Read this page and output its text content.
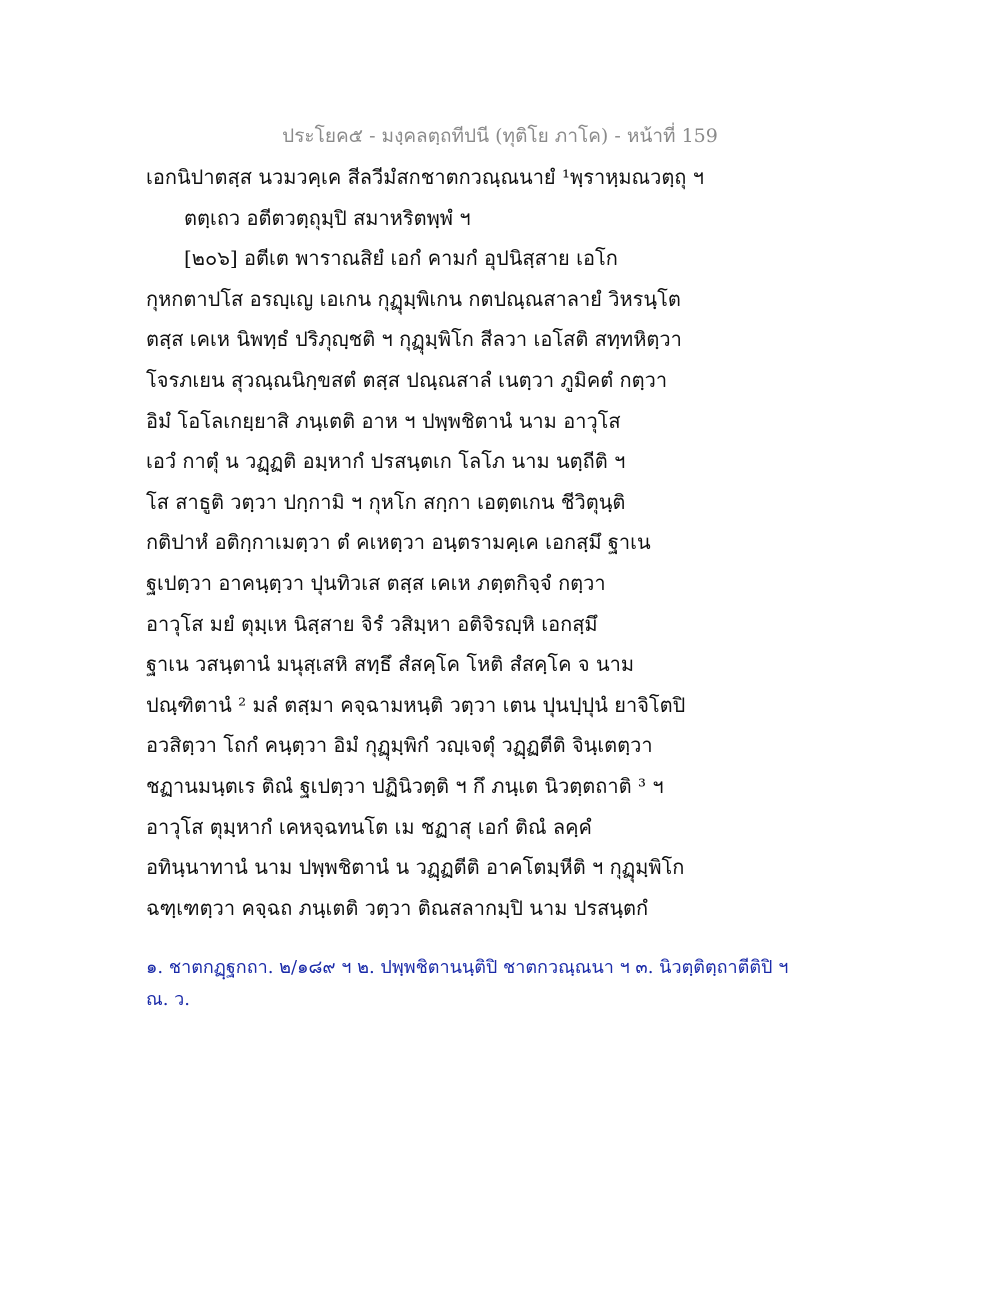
ประโยค๕ - มงฺคลตฺถทีปนี (ทุติโย ภาโค) - หน้าที่ 159
เอกนิปาตสฺส นวมวคฺเค สีลวีมํสกชาตกวณฺณนายํ ¹พฺราหฺมณวตฺถุ ฯ
ตตฺเถว อตีตวตฺถุมฺปิ สมาหริตพฺพํ ฯ
[๒๐๖] อตีเต พาราณสิยํ เอกํ คามกํ อุปนิสฺสาย เอโก
กุหกตาปโส อรญฺเญ เอเกน กุฏุมฺพิเกน กตปณฺณสาลายํ วิหรนฺโต
ตสฺส เคเห นิพทฺธํ ปริภุญฺชติ ฯ กุฏุมฺพิโก สีลวา เอโสติ สทฺทหิตฺวา
โจรภเยน สุวณฺณนิกฺขสตํ ตสฺส ปณฺณสาลํ เนตฺวา ภูมิคตํ กตฺวา
อิมํ โอโลเกยฺยาสิ ภนฺเตติ อาห ฯ ปพฺพชิตานํ นาม อาวุโส
เอวํ กาตุํ น วฏฺฏติ อมฺหากํ ปรสนฺตเก โลโภ นาม นตฺถีติ ฯ
โส สาธูติ วตฺวา ปกฺกามิ ฯ กุหโก สกฺกา เอตฺตเกน ชีวิตุนฺติ
กติปาหํ อติกฺกาเมตฺวา ตํ คเหตฺวา อนฺตรามคฺเค เอกสฺมึ ฐาเน
ฐเปตฺวา อาคนฺตฺวา ปุนทิวเส ตสฺส เคเห ภตฺตกิจฺจํ กตฺวา
อาวุโส มยํ ตุมฺเห นิสฺสาย จิรํ วสิมฺหา อติจิรญฺหิ เอกสฺมึ
ฐาเน วสนฺตานํ มนุสฺเสหิ สทฺธึ สํสคฺโค โหติ สํสคฺโค จ นาม
ปณฺฑิตานํ ² มลํ ตสฺมา คจฺฉามหนฺติ วตฺวา เตน ปุนปฺปุนํ ยาจิโตปิ
อวสิตฺวา โถกํ คนฺตฺวา อิมํ กุฏุมฺพิกํ วญฺเจตุํ วฏฺฏตีติ จินฺเตตฺวา
ชฏานมนฺตเร ติณํ ฐเปตฺวา ปฏินิวตฺติ ฯ กึ ภนฺเต นิวตฺตถาติ ³ ฯ
อาวุโส ตุมฺหากํ เคหจฺฉทนโต เม ชฏาสุ เอกํ ติณํ ลคฺคํ
อทินฺนาทานํ นาม ปพฺพชิตานํ น วฏฺฏตีติ อาคโตมฺหีติ ฯ กุฏุมฺพิโก
ฉฑฺเฑตฺวา คจฺฉถ ภนฺเตติ วตฺวา ติณสลากมฺปิ นาม ปรสนฺตกํ
๑. ชาตกฏฺฐกถา. ๒/๑๘๙ ฯ ๒. ปพฺพชิตานนฺติปิ ชาตกวณฺณนา ฯ ๓. นิวตฺติตฺถาตีติปิ ฯ
ณ. ว.
